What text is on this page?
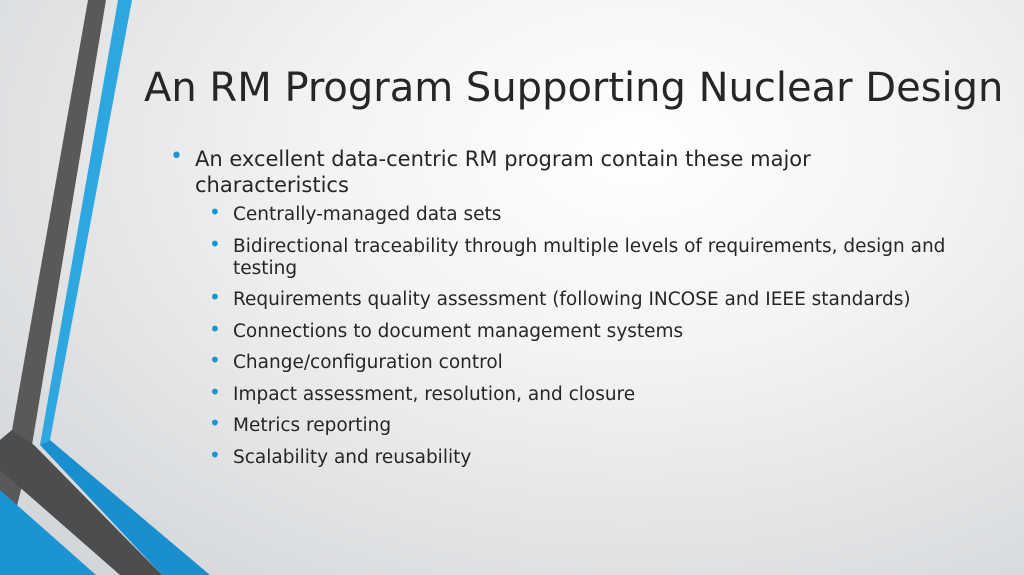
An RM Program Supporting Nuclear Design
• An excellent data-centric RM program contain these major characteristics
• Centrally-managed data sets
• Bidirectional traceability through multiple levels of requirements, design and testing
• Requirements quality assessment (following INCOSE and IEEE standards)
• Connections to document management systems
• Change/configuration control
• Impact assessment, resolution, and closure
• Metrics reporting
• Scalability and reusability
